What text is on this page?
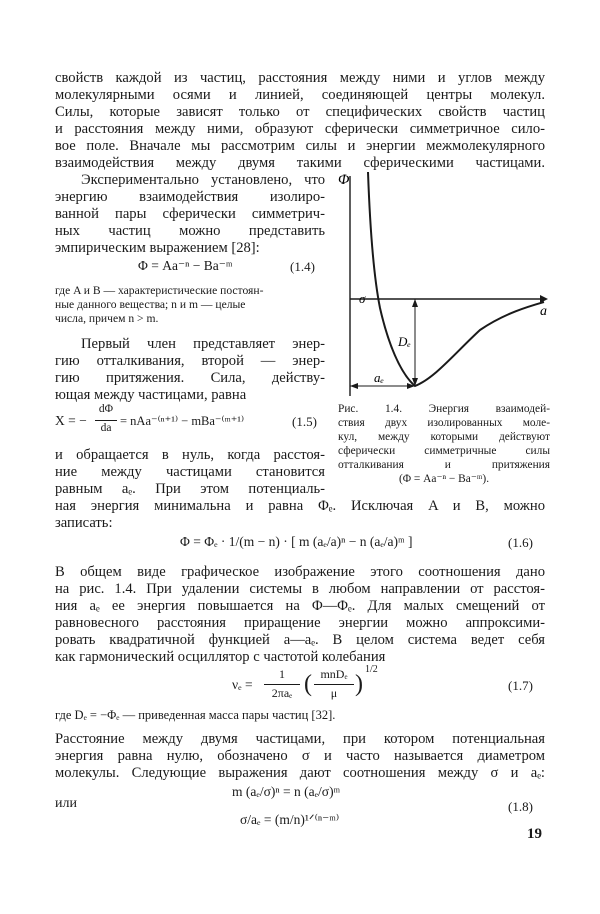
свойств каждой из частиц, расстояния между ними и углов между
молекулярными осями и линией, соединяющей центры молекул.
Силы, которые зависят только от специфических свойств частиц
и расстояния между ними, образуют сферически симметричное сило-
вое поле. Вначале мы рассмотрим силы и энергии межмолекулярного
взаимодействия между двумя такими сферическими частицами.
Экспериментально установлено, что
энергию взаимодействия изолиро-
ванной пары сферически симметрич-
ных частиц можно представить
эмпирическим выражением [28]:
Φ = Aa⁻ⁿ − Ba⁻ᵐ	(1.4)
где A и B — характеристические постоян-
ные данного вещества; n и m — целые
числа, причем n > m.
Первый член представляет энер-
гию отталкивания, второй — энер-
гию притяжения. Сила, действу-
ющая между частицами, равна
X = −
dΦ
da = nAa⁻⁽ⁿ⁺¹⁾ − mBa⁻⁽ᵐ⁺¹⁾	(1.5)
и обращается в нуль, когда расстоя-
ние между частицами становится
равным aₑ. При этом потенциаль-
ная энергия минимальна и равна Φₑ. Исключая A и B, можно
записать:
Φ
a
σ
Dₑ
aₑ
Рис. 1.4. Энергия взаимодей-
ствия двух изолированных моле-
кул, между которыми действуют
сферически симметричные силы
отталкивания и притяжения
(Φ = Aa⁻ⁿ − Ba⁻ᵐ).
Φ = Φₑ · 1/(m − n) · [ m (aₑ/a)ⁿ − n (aₑ/a)ᵐ ]	(1.6)
В общем виде графическое изображение этого соотношения дано
на рис. 1.4. При удалении системы в любом направлении от расстоя-
ния aₑ ее энергия повышается на Φ—Φₑ. Для малых смещений от
равновесного расстояния приращение энергии можно аппроксими-
ровать квадратичной функцией a—aₑ. В целом система ведет себя
как гармонический осциллятор с частотой колебания
νₑ =
1
2πaₑ ( mnDₑ
μ )
1/2
(1.7)
где Dₑ = −Φₑ — приведенная масса пары частиц [32].
Расстояние между двумя частицами, при котором потенциальная
энергия равна нулю, обозначено σ и часто называется диаметром
молекулы. Следующие выражения дают соотношения между σ и aₑ:
m (aₑ/σ)ⁿ = n (aₑ/σ)ᵐ
или
σ/aₑ = (m/n)¹ᐟ⁽ⁿ⁻ᵐ⁾
(1.8)
19
